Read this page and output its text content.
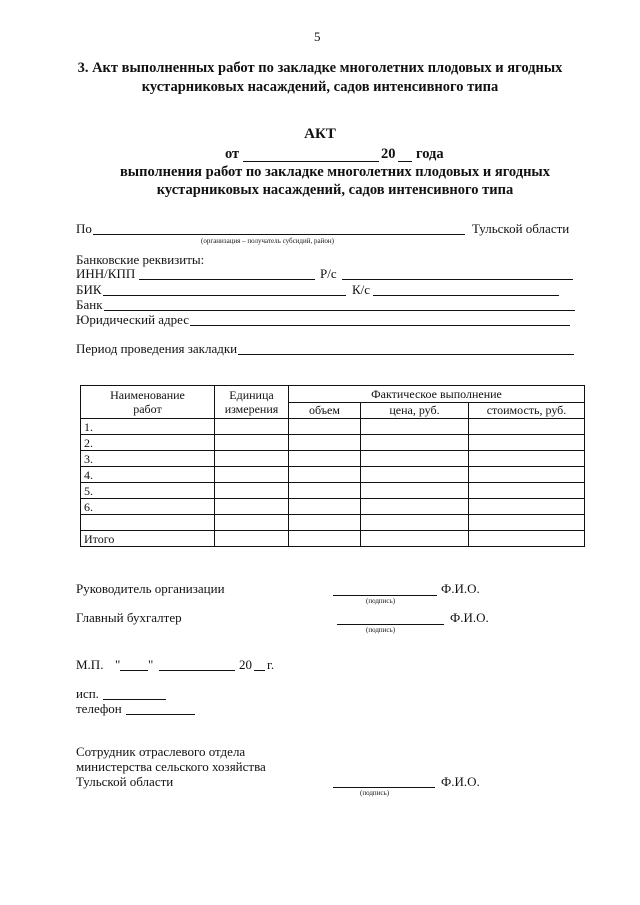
5
3. Акт выполненных работ по закладке многолетних плодовых и ягодных
кустарниковых насаждений, садов интенсивного типа
АКТ
от	20 года
выполнения работ по закладке многолетних плодовых и ягодных
кустарниковых насаждений, садов интенсивного типа
По	Тульской области
(организация – получатель субсидий, район)
Банковские реквизиты:
ИНН/КПП	Р/с
БИК	К/с
Банк
Юридический адрес
Период проведения закладки
Наименование работ	Единица измерения	Фактическое выполнение		
		объем	цена, руб.	стоимость, руб.
1.				
2.				
3.				
4.				
5.				
6.				

Итого				
Руководитель организации	Ф.И.О.
(подпись)
Главный бухгалтер	Ф.И.О.
(подпись)
М.П. " "	20 г.
исп.
телефон
Сотрудник отраслевого отдела
министерства сельского хозяйства
Тульской области	Ф.И.О.
(подпись)
